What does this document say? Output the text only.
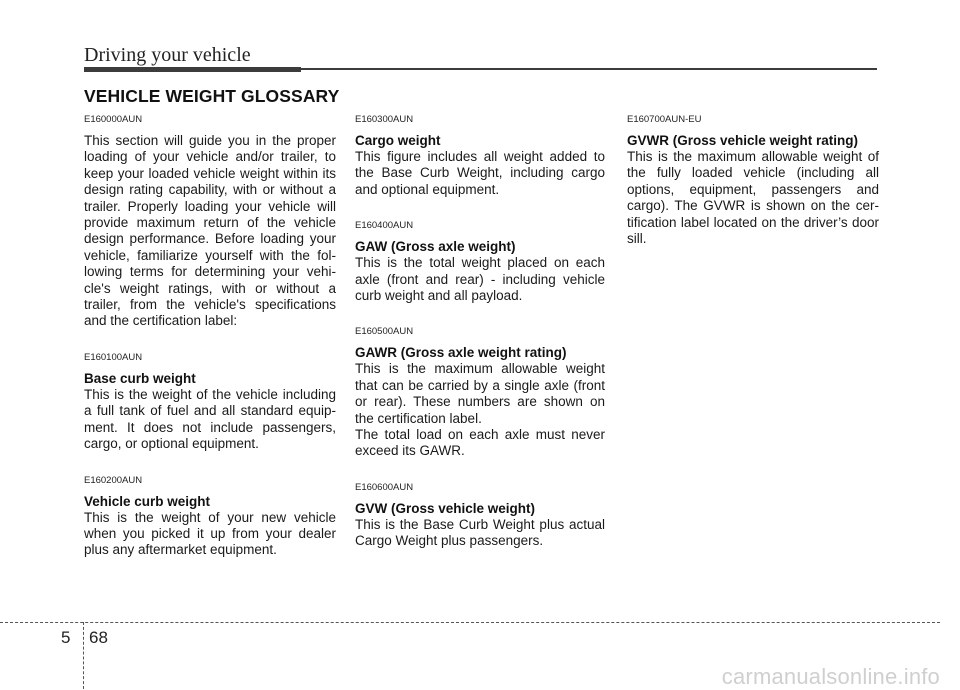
Driving your vehicle
VEHICLE WEIGHT GLOSSARY

E160000AUN

This section will guide you in the proper loading of your vehicle and/or trailer, to keep your loaded vehicle weight within its design rating capability, with or without a trailer. Properly loading your vehicle will provide maximum return of the vehicle design performance. Before loading your vehicle, familiarize yourself with the fol-lowing terms for determining your vehi-cle's weight ratings, with or without a trailer, from the vehicle's specifications and the certification label:

E160100AUN

Base curb weight

This is the weight of the vehicle including a full tank of fuel and all standard equip-ment. It does not include passengers, cargo, or optional equipment.

E160200AUN

Vehicle curb weight

This is the weight of your new vehicle when you picked it up from your dealer plus any aftermarket equipment.

E160300AUN

Cargo weight

This figure includes all weight added to the Base Curb Weight, including cargo and optional equipment.

E160400AUN

GAW (Gross axle weight)

This is the total weight placed on each axle (front and rear) - including vehicle curb weight and all payload.

E160500AUN

GAWR (Gross axle weight rating)

This is the maximum allowable weight that can be carried by a single axle (front or rear). These numbers are shown on the certification label.

The total load on each axle must never exceed its GAWR.

E160600AUN

GVW (Gross vehicle weight)

This is the Base Curb Weight plus actual Cargo Weight plus passengers.

E160700AUN-EU

GVWR (Gross vehicle weight rating)

This is the maximum allowable weight of the fully loaded vehicle (including all options, equipment, passengers and cargo). The GVWR is shown on the cer-tification label located on the driver’s door sill.

5 68
carmanualsonline.info
